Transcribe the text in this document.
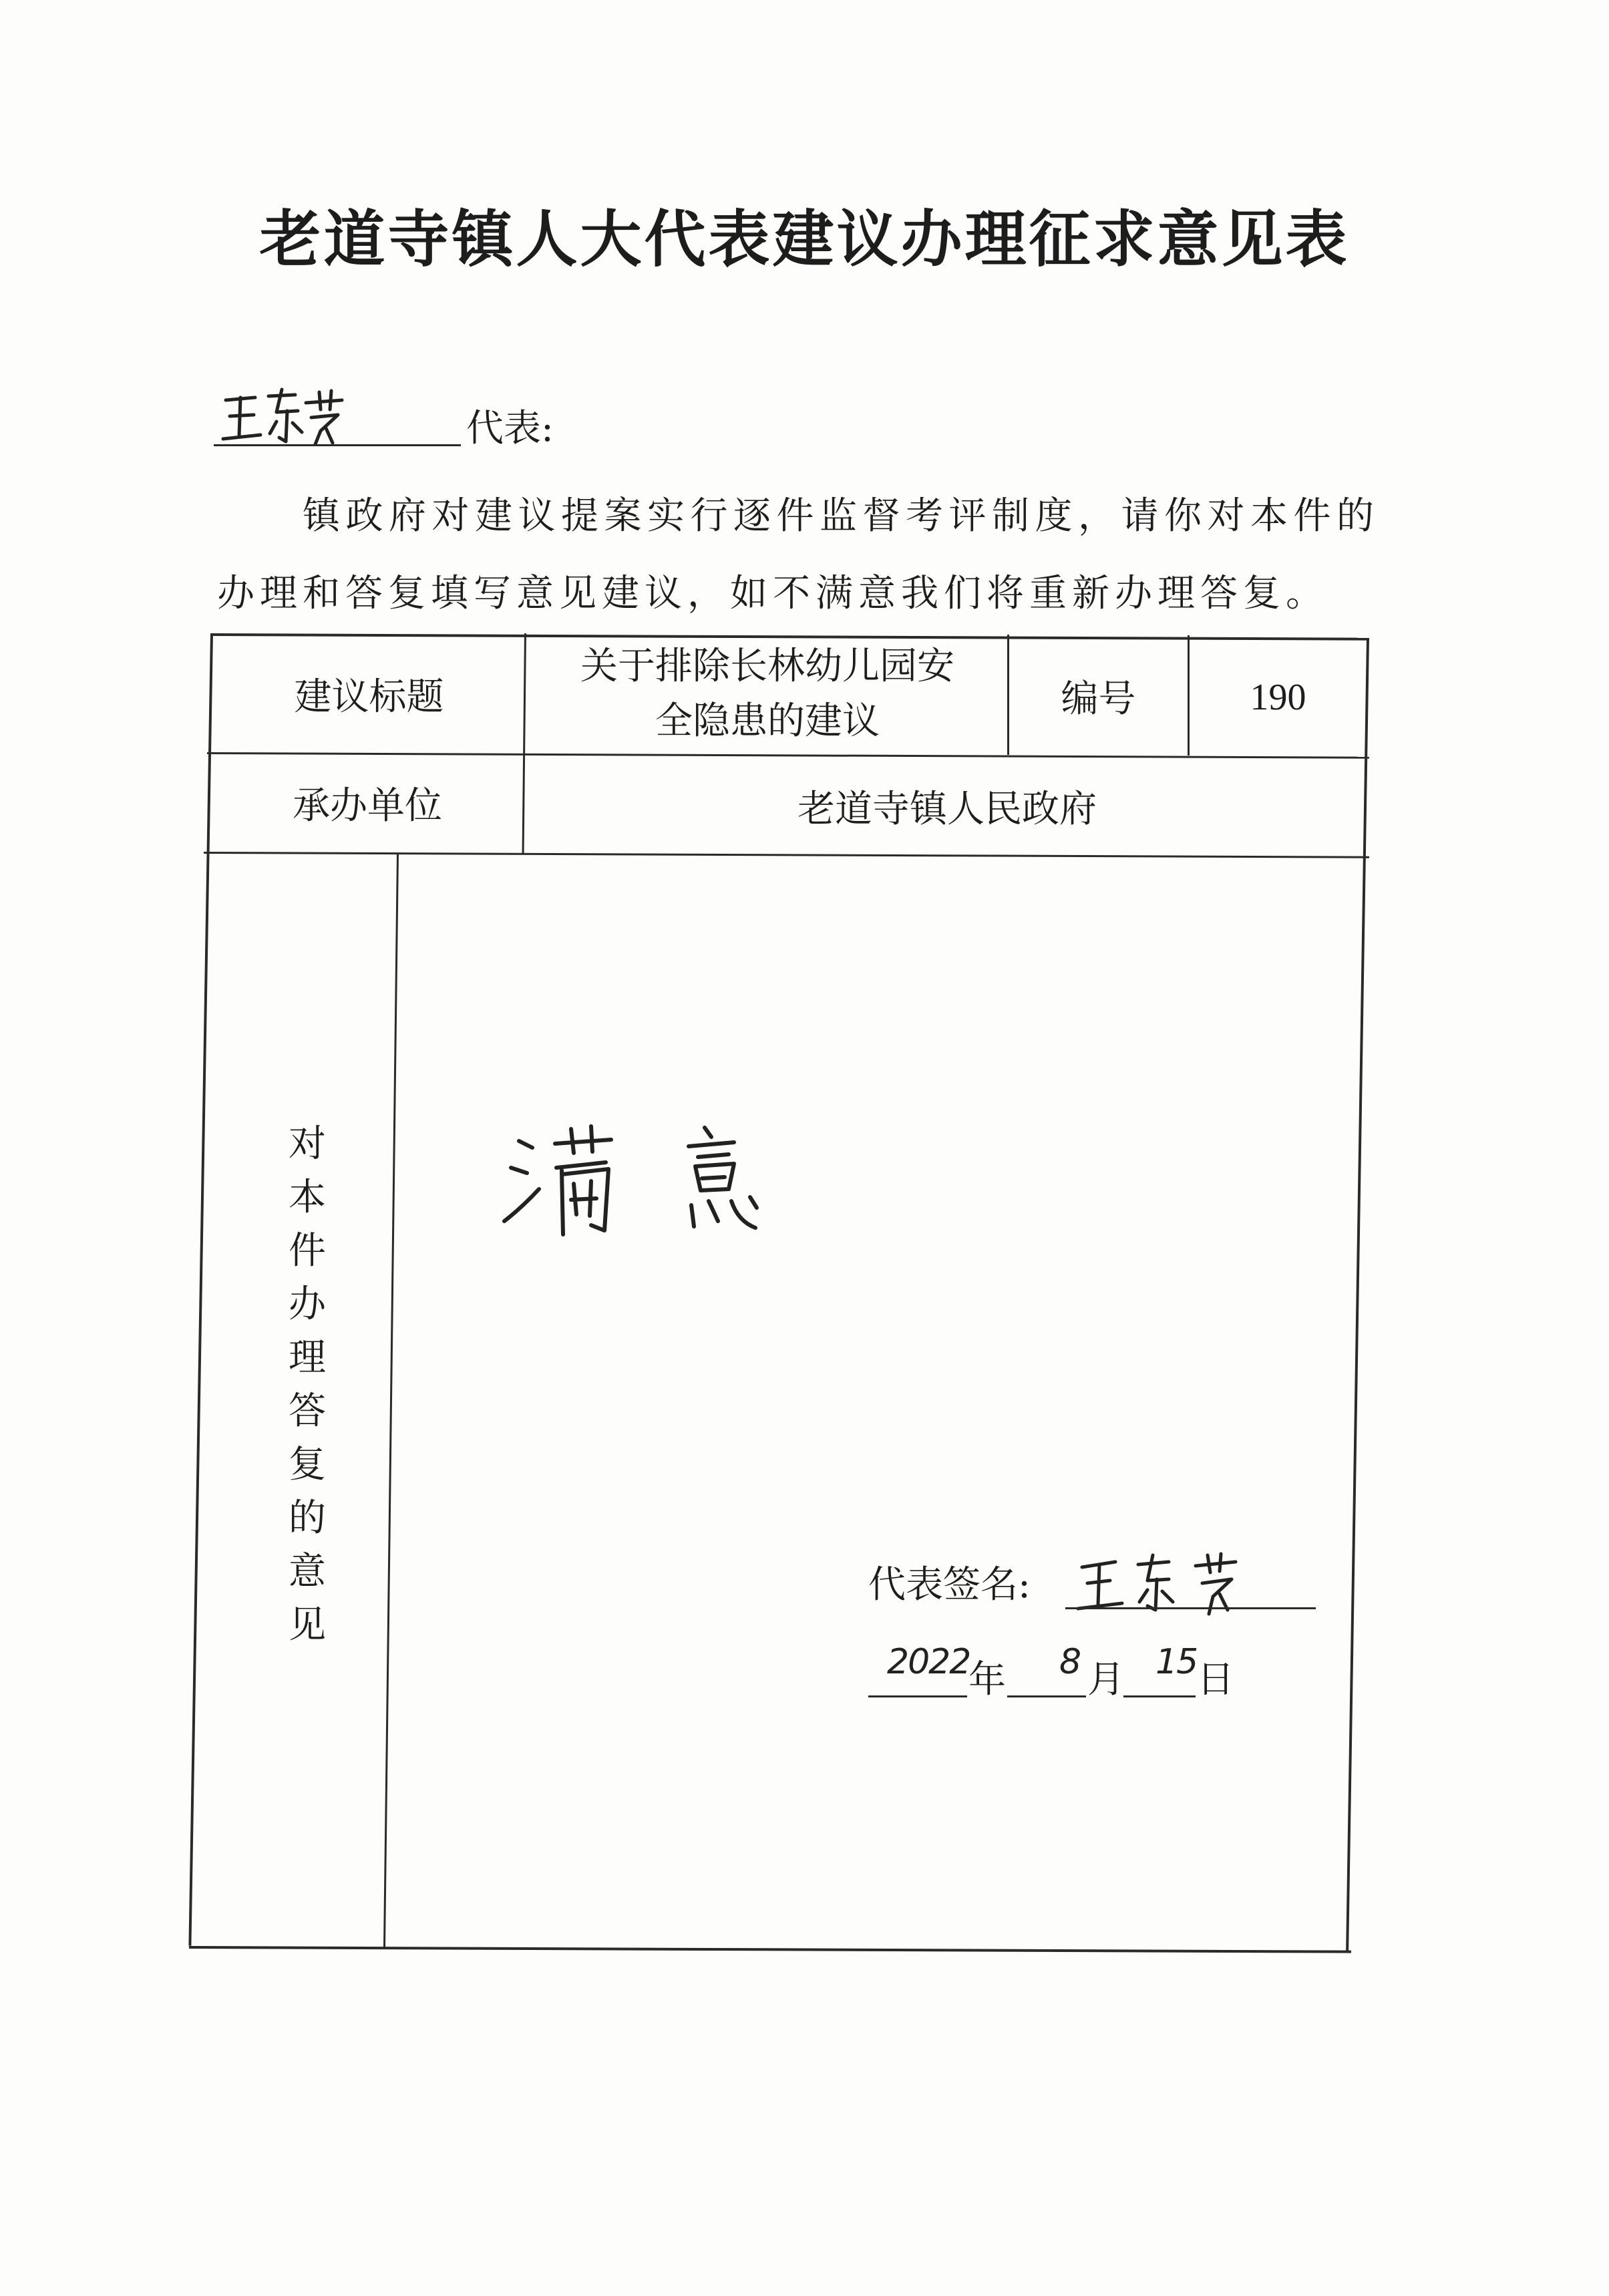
老道寺镇人大代表建议办理征求意见表
代表:
镇政府对建议提案实行逐件监督考评制度，请你对本件的办理和答复填写意见建议，如不满意我们将重新办理答复。
建议标题
关于排除长林幼儿园安
全隐患的建议
编号	190
承办单位	老道寺镇人民政府
对
本
件
办
理
答
复
的
意
见
代表签名:
2022
年 8 月 15 日
